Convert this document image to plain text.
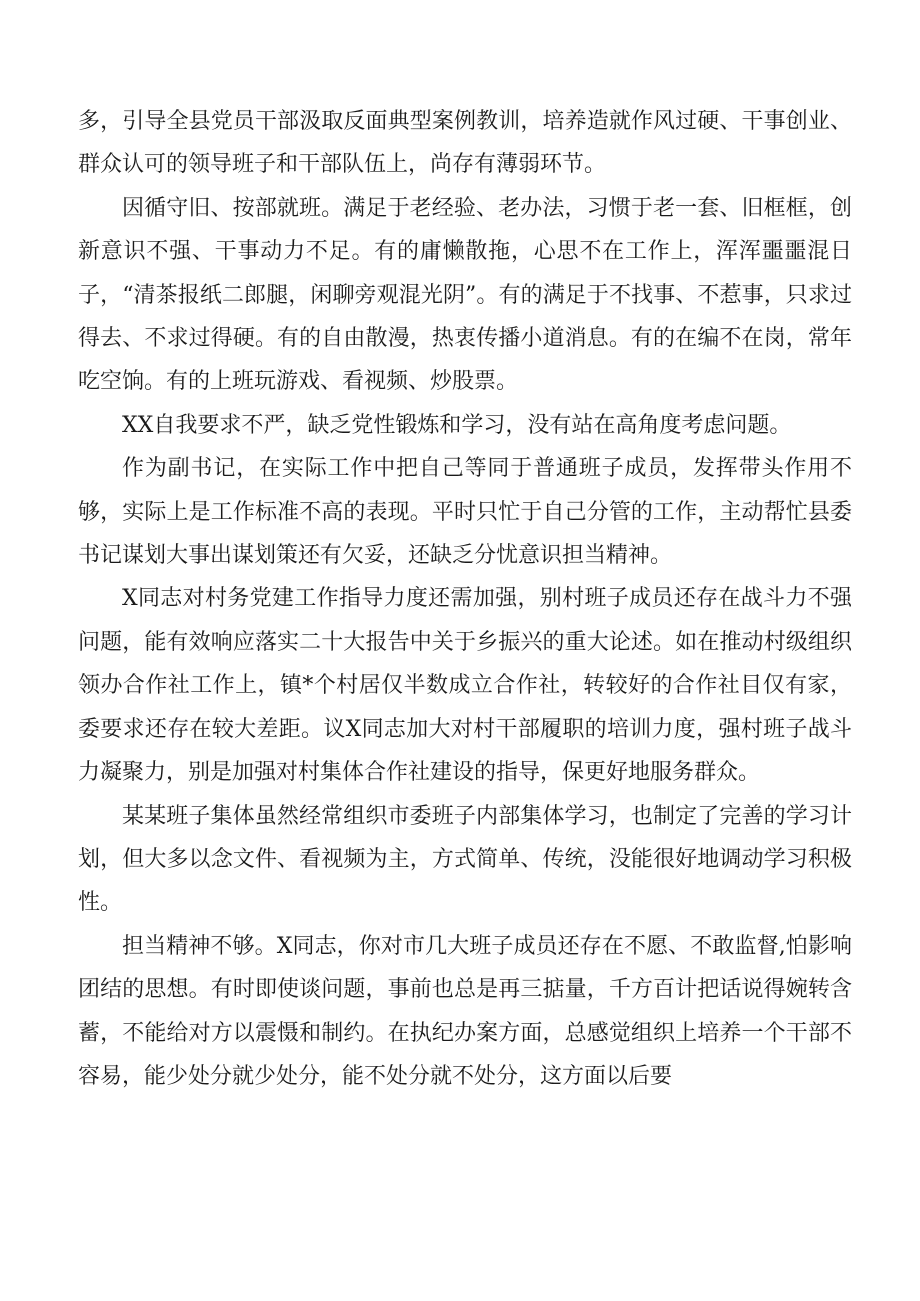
多，引导全县党员干部汲取反面典型案例教训，培养造就作风过硬、干事创业、群众认可的领导班子和干部队伍上，尚存有薄弱环节。

因循守旧、按部就班。满足于老经验、老办法，习惯于老一套、旧框框，创新意识不强、干事动力不足。有的庸懒散拖，心思不在工作上，浑浑噩噩混日子，“清茶报纸二郎腿，闲聊旁观混光阴”。有的满足于不找事、不惹事，只求过得去、不求过得硬。有的自由散漫，热衷传播小道消息。有的在编不在岗，常年吃空饷。有的上班玩游戏、看视频、炒股票。

XX自我要求不严，缺乏党性锻炼和学习，没有站在高角度考虑问题。

作为副书记，在实际工作中把自己等同于普通班子成员，发挥带头作用不够，实际上是工作标准不高的表现。平时只忙于自己分管的工作，主动帮忙县委书记谋划大事出谋划策还有欠妥，还缺乏分忧意识担当精神。

X同志对村务党建工作指导力度还需加强，别村班子成员还存在战斗力不强问题，能有效响应落实二十大报告中关于乡振兴的重大论述。如在推动村级组织领办合作社工作上，镇*个村居仅半数成立合作社，转较好的合作社目仅有家，委要求还存在较大差距。议X同志加大对村干部履职的培训力度，强村班子战斗力凝聚力，别是加强对村集体合作社建设的指导，保更好地服务群众。

某某班子集体虽然经常组织市委班子内部集体学习，也制定了完善的学习计划，但大多以念文件、看视频为主，方式简单、传统，没能很好地调动学习积极性。

担当精神不够。X同志，你对市几大班子成员还存在不愿、不敢监督,怕影响团结的思想。有时即使谈问题，事前也总是再三掂量，千方百计把话说得婉转含蓄，不能给对方以震慑和制约。在执纪办案方面，总感觉组织上培养一个干部不容易，能少处分就少处分，能不处分就不处分，这方面以后要
